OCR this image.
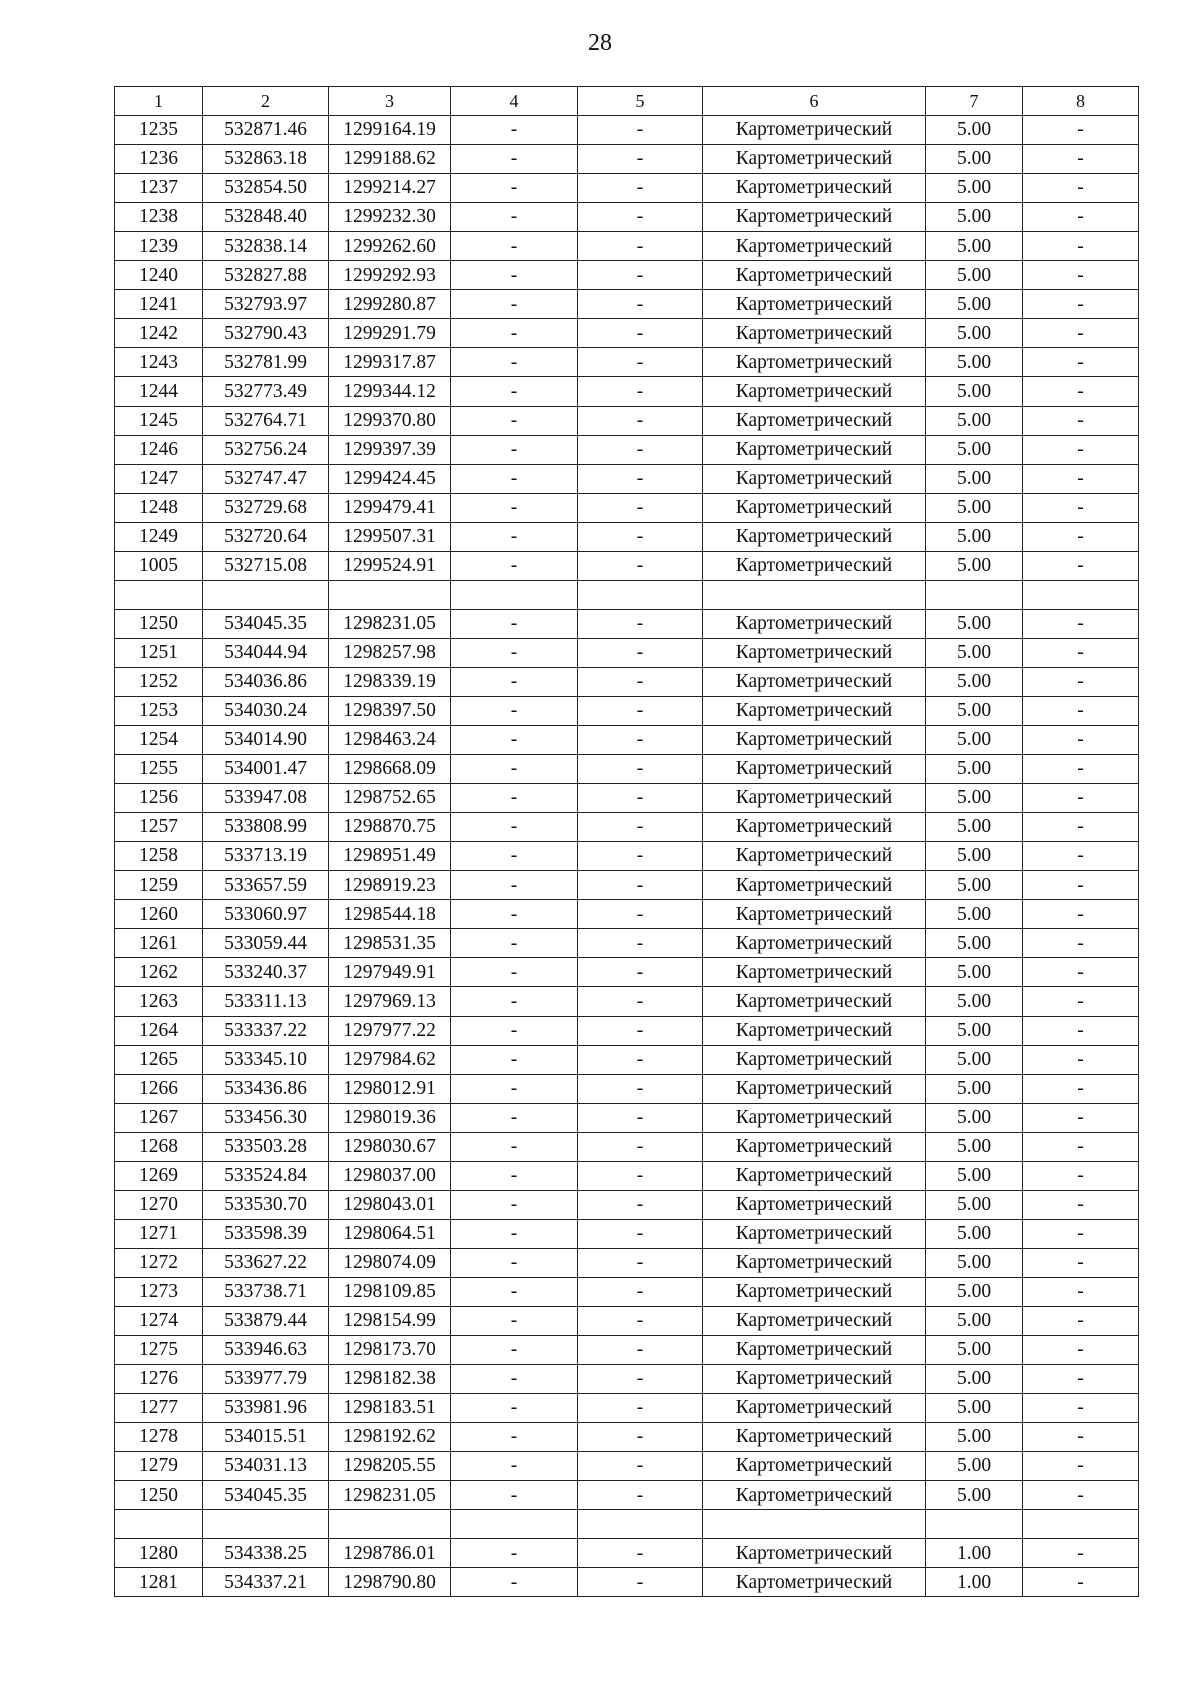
28
1	2	3	4	5	6	7	8
1235	532871.46	1299164.19	-	-	Картометрический	5.00	-
1236	532863.18	1299188.62	-	-	Картометрический	5.00	-
1237	532854.50	1299214.27	-	-	Картометрический	5.00	-
1238	532848.40	1299232.30	-	-	Картометрический	5.00	-
1239	532838.14	1299262.60	-	-	Картометрический	5.00	-
1240	532827.88	1299292.93	-	-	Картометрический	5.00	-
1241	532793.97	1299280.87	-	-	Картометрический	5.00	-
1242	532790.43	1299291.79	-	-	Картометрический	5.00	-
1243	532781.99	1299317.87	-	-	Картометрический	5.00	-
1244	532773.49	1299344.12	-	-	Картометрический	5.00	-
1245	532764.71	1299370.80	-	-	Картометрический	5.00	-
1246	532756.24	1299397.39	-	-	Картометрический	5.00	-
1247	532747.47	1299424.45	-	-	Картометрический	5.00	-
1248	532729.68	1299479.41	-	-	Картометрический	5.00	-
1249	532720.64	1299507.31	-	-	Картометрический	5.00	-
1005	532715.08	1299524.91	-	-	Картометрический	5.00	-

1250	534045.35	1298231.05	-	-	Картометрический	5.00	-
1251	534044.94	1298257.98	-	-	Картометрический	5.00	-
1252	534036.86	1298339.19	-	-	Картометрический	5.00	-
1253	534030.24	1298397.50	-	-	Картометрический	5.00	-
1254	534014.90	1298463.24	-	-	Картометрический	5.00	-
1255	534001.47	1298668.09	-	-	Картометрический	5.00	-
1256	533947.08	1298752.65	-	-	Картометрический	5.00	-
1257	533808.99	1298870.75	-	-	Картометрический	5.00	-
1258	533713.19	1298951.49	-	-	Картометрический	5.00	-
1259	533657.59	1298919.23	-	-	Картометрический	5.00	-
1260	533060.97	1298544.18	-	-	Картометрический	5.00	-
1261	533059.44	1298531.35	-	-	Картометрический	5.00	-
1262	533240.37	1297949.91	-	-	Картометрический	5.00	-
1263	533311.13	1297969.13	-	-	Картометрический	5.00	-
1264	533337.22	1297977.22	-	-	Картометрический	5.00	-
1265	533345.10	1297984.62	-	-	Картометрический	5.00	-
1266	533436.86	1298012.91	-	-	Картометрический	5.00	-
1267	533456.30	1298019.36	-	-	Картометрический	5.00	-
1268	533503.28	1298030.67	-	-	Картометрический	5.00	-
1269	533524.84	1298037.00	-	-	Картометрический	5.00	-
1270	533530.70	1298043.01	-	-	Картометрический	5.00	-
1271	533598.39	1298064.51	-	-	Картометрический	5.00	-
1272	533627.22	1298074.09	-	-	Картометрический	5.00	-
1273	533738.71	1298109.85	-	-	Картометрический	5.00	-
1274	533879.44	1298154.99	-	-	Картометрический	5.00	-
1275	533946.63	1298173.70	-	-	Картометрический	5.00	-
1276	533977.79	1298182.38	-	-	Картометрический	5.00	-
1277	533981.96	1298183.51	-	-	Картометрический	5.00	-
1278	534015.51	1298192.62	-	-	Картометрический	5.00	-
1279	534031.13	1298205.55	-	-	Картометрический	5.00	-
1250	534045.35	1298231.05	-	-	Картометрический	5.00	-

1280	534338.25	1298786.01	-	-	Картометрический	1.00	-
1281	534337.21	1298790.80	-	-	Картометрический	1.00	-
